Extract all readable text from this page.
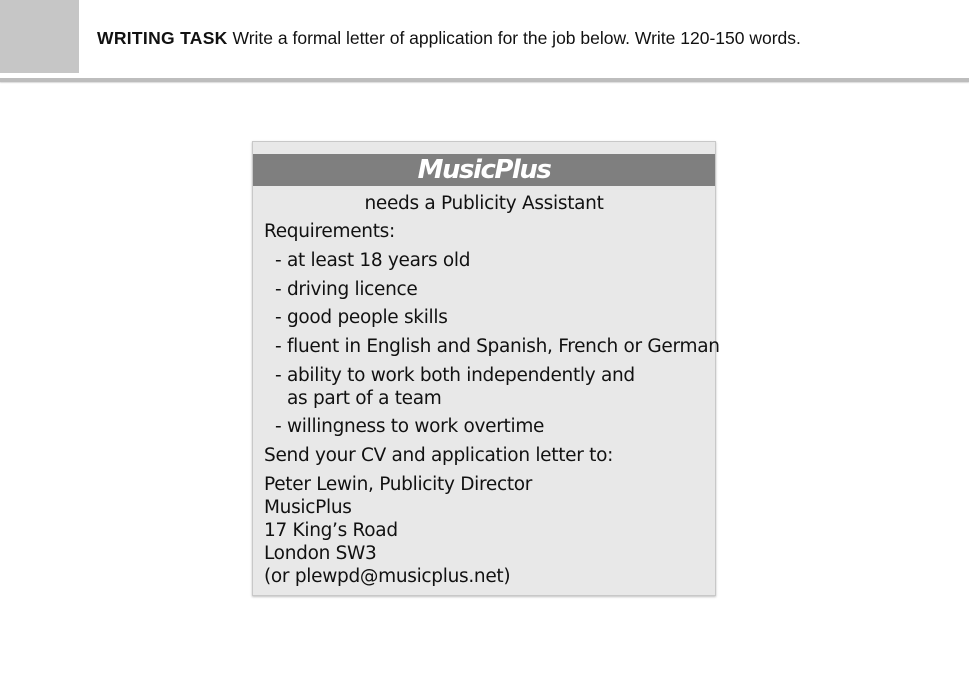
WRITING TASK Write a formal letter of application for the job below. Write 120-150 words.
MusicPlus
needs a Publicity Assistant
Requirements:
- at least 18 years old
- driving licence
- good people skills
- fluent in English and Spanish, French or German
- ability to work both independently and
as part of a team
- willingness to work overtime
Send your CV and application letter to:
Peter Lewin, Publicity Director
MusicPlus
17 King’s Road
London SW3
(or plewpd@musicplus.net)
